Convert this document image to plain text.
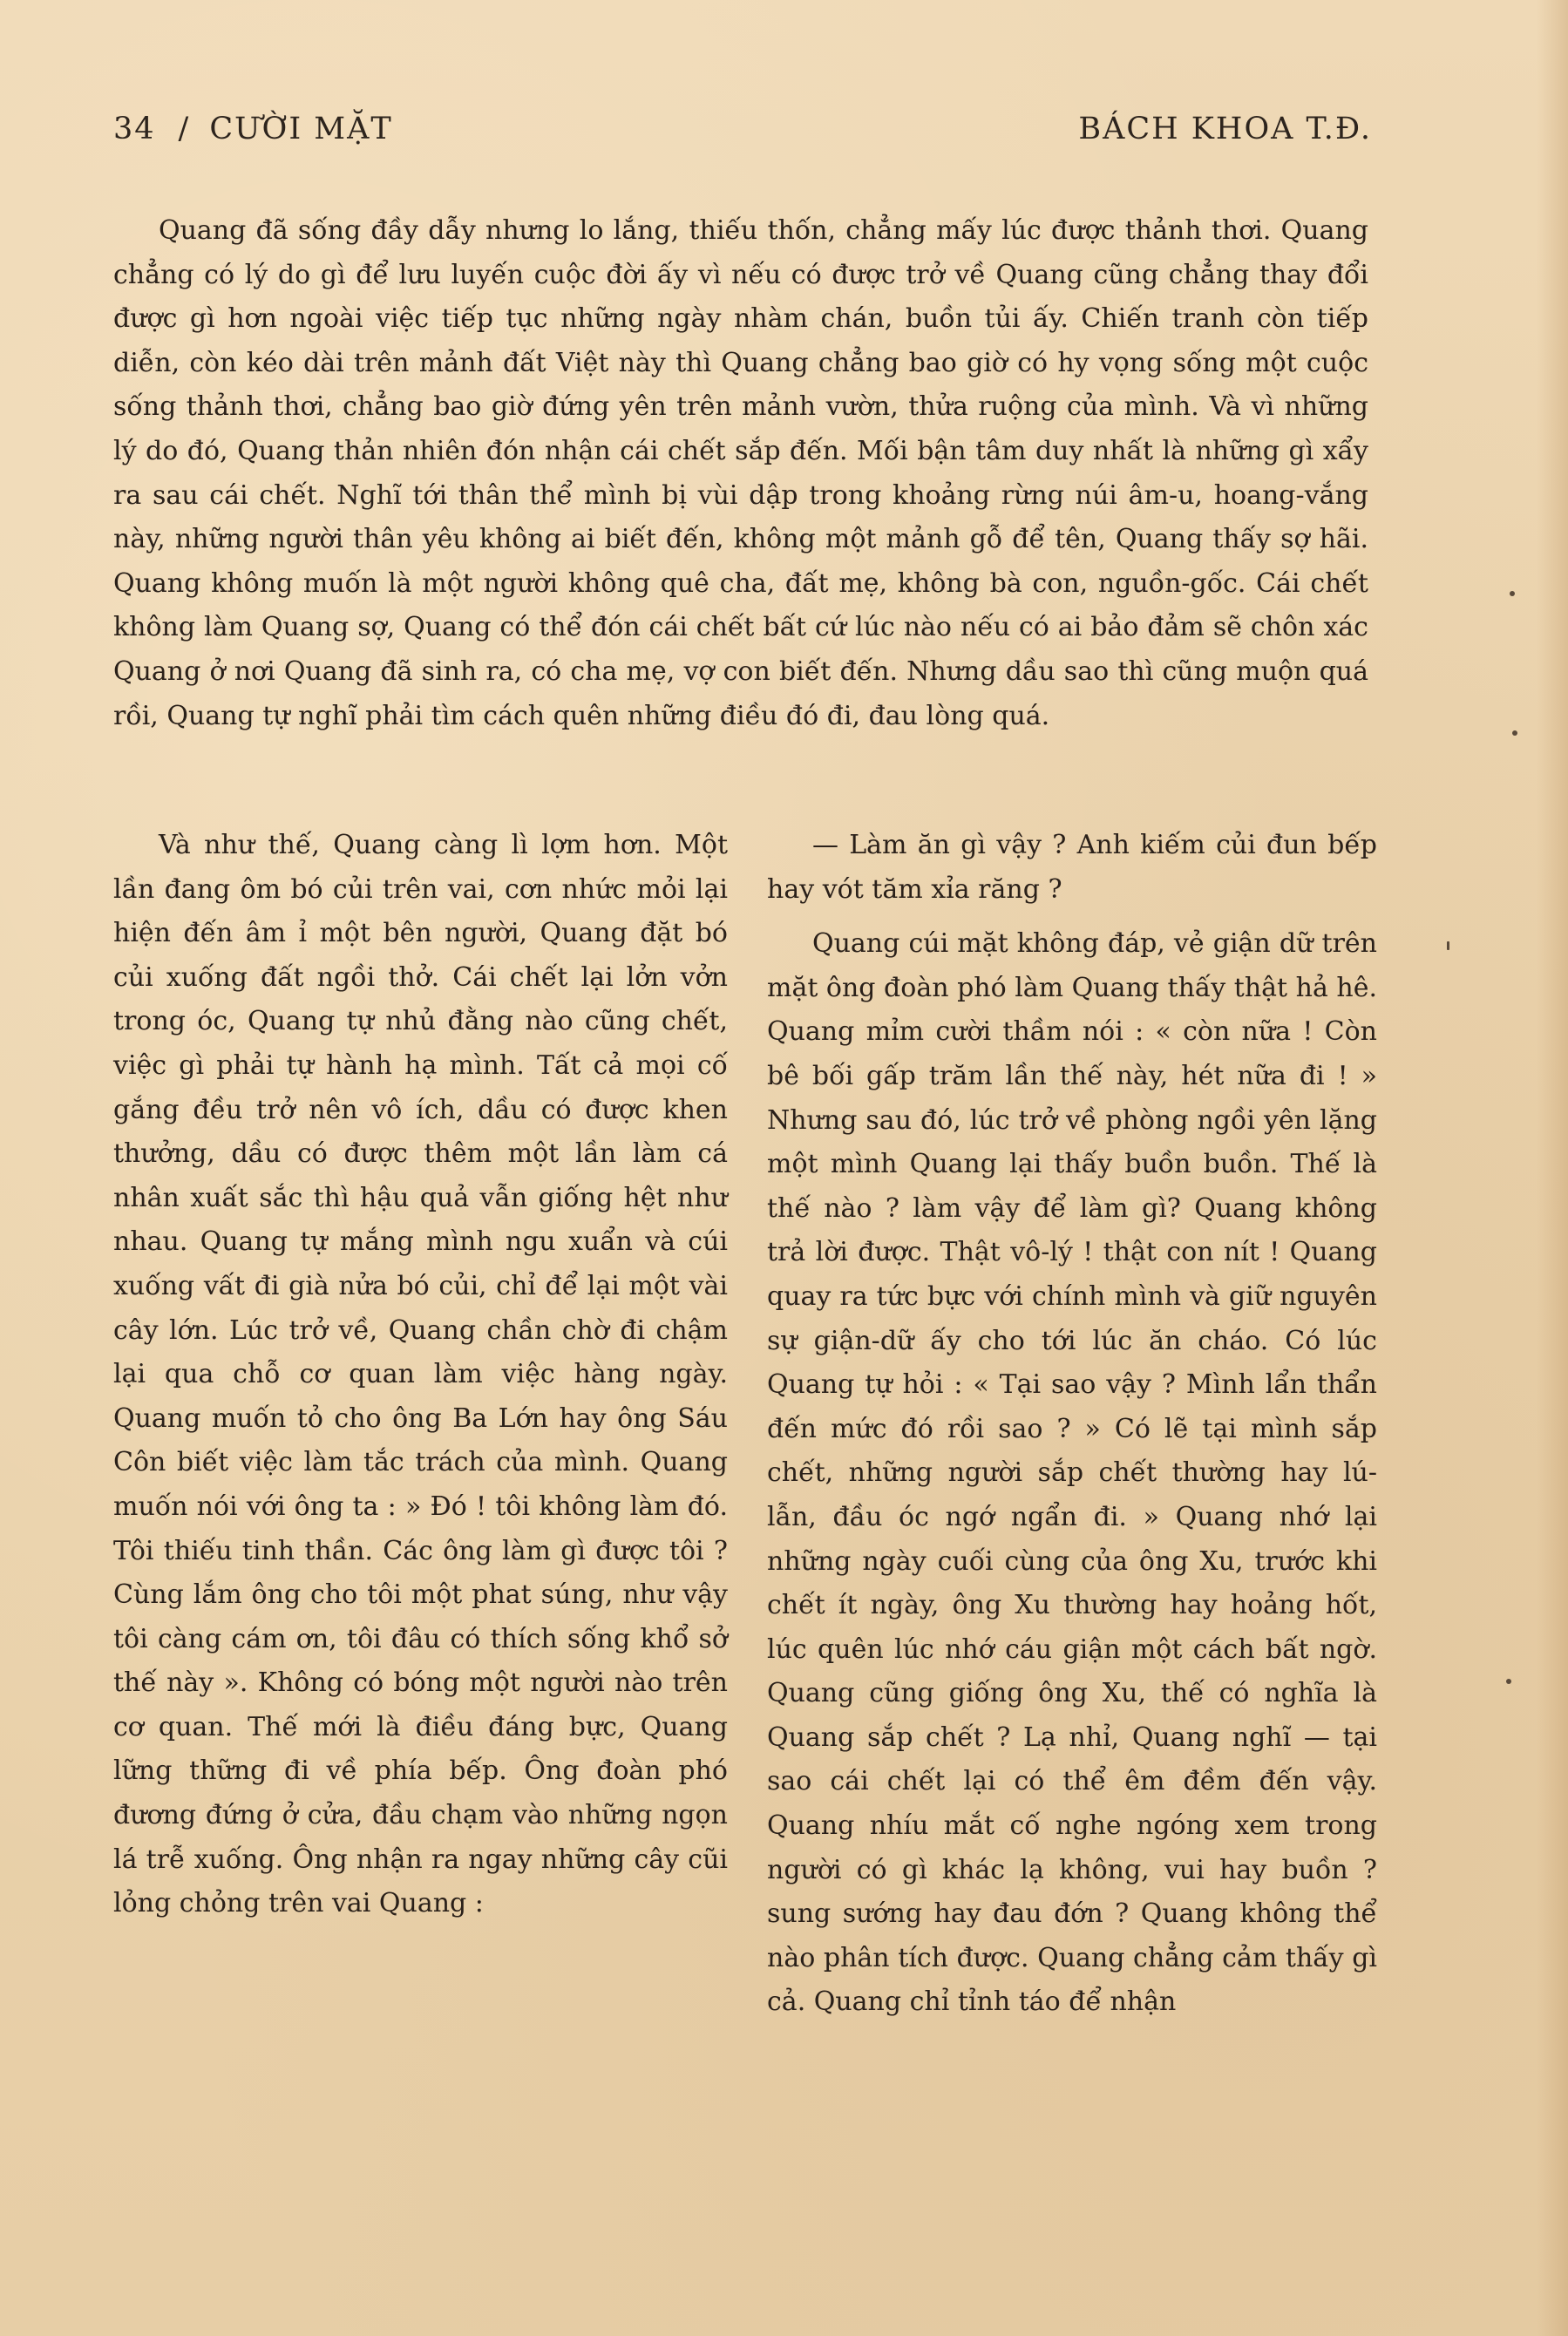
34 / CƯỜI MẶT	BÁCH KHOA T.Đ.

Quang đã sống đầy dẫy nhưng lo lắng, thiếu thốn, chẳng mấy lúc được thảnh thơi. Quang chẳng có lý do gì để lưu luyến cuộc đời ấy vì nếu có được trở về Quang cũng chẳng thay đổi được gì hơn ngoài việc tiếp tục những ngày nhàm chán, buồn tủi ấy. Chiến tranh còn tiếp diễn, còn kéo dài trên mảnh đất Việt này thì Quang chẳng bao giờ có hy vọng sống một cuộc sống thảnh thơi, chẳng bao giờ đứng yên trên mảnh vườn, thửa ruộng của mình. Và vì những lý do đó, Quang thản nhiên đón nhận cái chết sắp đến. Mối bận tâm duy nhất là những gì xẩy ra sau cái chết. Nghĩ tới thân thể mình bị vùi dập trong khoảng rừng núi âm-u, hoang-vắng này, những người thân yêu không ai biết đến, không một mảnh gỗ để tên, Quang thấy sợ hãi. Quang không muốn là một người không quê cha, đất mẹ, không bà con, nguồn-gốc. Cái chết không làm Quang sợ, Quang có thể đón cái chết bất cứ lúc nào nếu có ai bảo đảm sẽ chôn xác Quang ở nơi Quang đã sinh ra, có cha mẹ, vợ con biết đến. Nhưng dầu sao thì cũng muộn quá rồi, Quang tự nghĩ phải tìm cách quên những điều đó đi, đau lòng quá.

Và như thế, Quang càng lì lợm hơn. Một lần đang ôm bó củi trên vai, cơn nhức mỏi lại hiện đến âm ỉ một bên người, Quang đặt bó củi xuống đất ngồi thở. Cái chết lại lởn vởn trong óc, Quang tự nhủ đằng nào cũng chết, việc gì phải tự hành hạ mình. Tất cả mọi cố gắng đều trở nên vô ích, dầu có được khen thưởng, dầu có được thêm một lần làm cá nhân xuất sắc thì hậu quả vẫn giống hệt như nhau. Quang tự mắng mình ngu xuẩn và cúi xuống vất đi già nửa bó củi, chỉ để lại một vài cây lớn. Lúc trở về, Quang chần chờ đi chậm lại qua chỗ cơ quan làm việc hàng ngày. Quang muốn tỏ cho ông Ba Lớn hay ông Sáu Côn biết việc làm tắc trách của mình. Quang muốn nói với ông ta : » Đó ! tôi không làm đó. Tôi thiếu tinh thần. Các ông làm gì được tôi ? Cùng lắm ông cho tôi một phat súng, như vậy tôi càng cám ơn, tôi đâu có thích sống khổ sở thế này ». Không có bóng một người nào trên cơ quan. Thế mới là điều đáng bực, Quang lững thững đi về phía bếp. Ông đoàn phó đương đứng ở cửa, đầu chạm vào những ngọn lá trễ xuống. Ông nhận ra ngay những cây cũi lỏng chỏng trên vai Quang :

— Làm ăn gì vậy ? Anh kiếm củi đun bếp hay vót tăm xỉa răng ?

Quang cúi mặt không đáp, vẻ giận dữ trên mặt ông đoàn phó làm Quang thấy thật hả hê. Quang mỉm cười thầm nói : « còn nữa ! Còn bê bối gấp trăm lần thế này, hét nữa đi ! » Nhưng sau đó, lúc trở về phòng ngồi yên lặng một mình Quang lại thấy buồn buồn. Thế là thế nào ? làm vậy để làm gì? Quang không trả lời được. Thật vô-lý ! thật con nít ! Quang quay ra tức bực với chính mình và giữ nguyên sự giận-dữ ấy cho tới lúc ăn cháo. Có lúc Quang tự hỏi : « Tại sao vậy ? Mình lẩn thẩn đến mức đó rồi sao ? » Có lẽ tại mình sắp chết, những người sắp chết thường hay lú-lẫn, đầu óc ngớ ngẩn đi. » Quang nhớ lại những ngày cuối cùng của ông Xu, trước khi chết ít ngày, ông Xu thường hay hoảng hốt, lúc quên lúc nhớ cáu giận một cách bất ngờ. Quang cũng giống ông Xu, thế có nghĩa là Quang sắp chết ? Lạ nhỉ, Quang nghĩ — tại sao cái chết lại có thể êm đềm đến vậy. Quang nhíu mắt cố nghe ngóng xem trong người có gì khác lạ không, vui hay buồn ? sung sướng hay đau đớn ? Quang không thể nào phân tích được. Quang chẳng cảm thấy gì cả. Quang chỉ tỉnh táo để nhận
